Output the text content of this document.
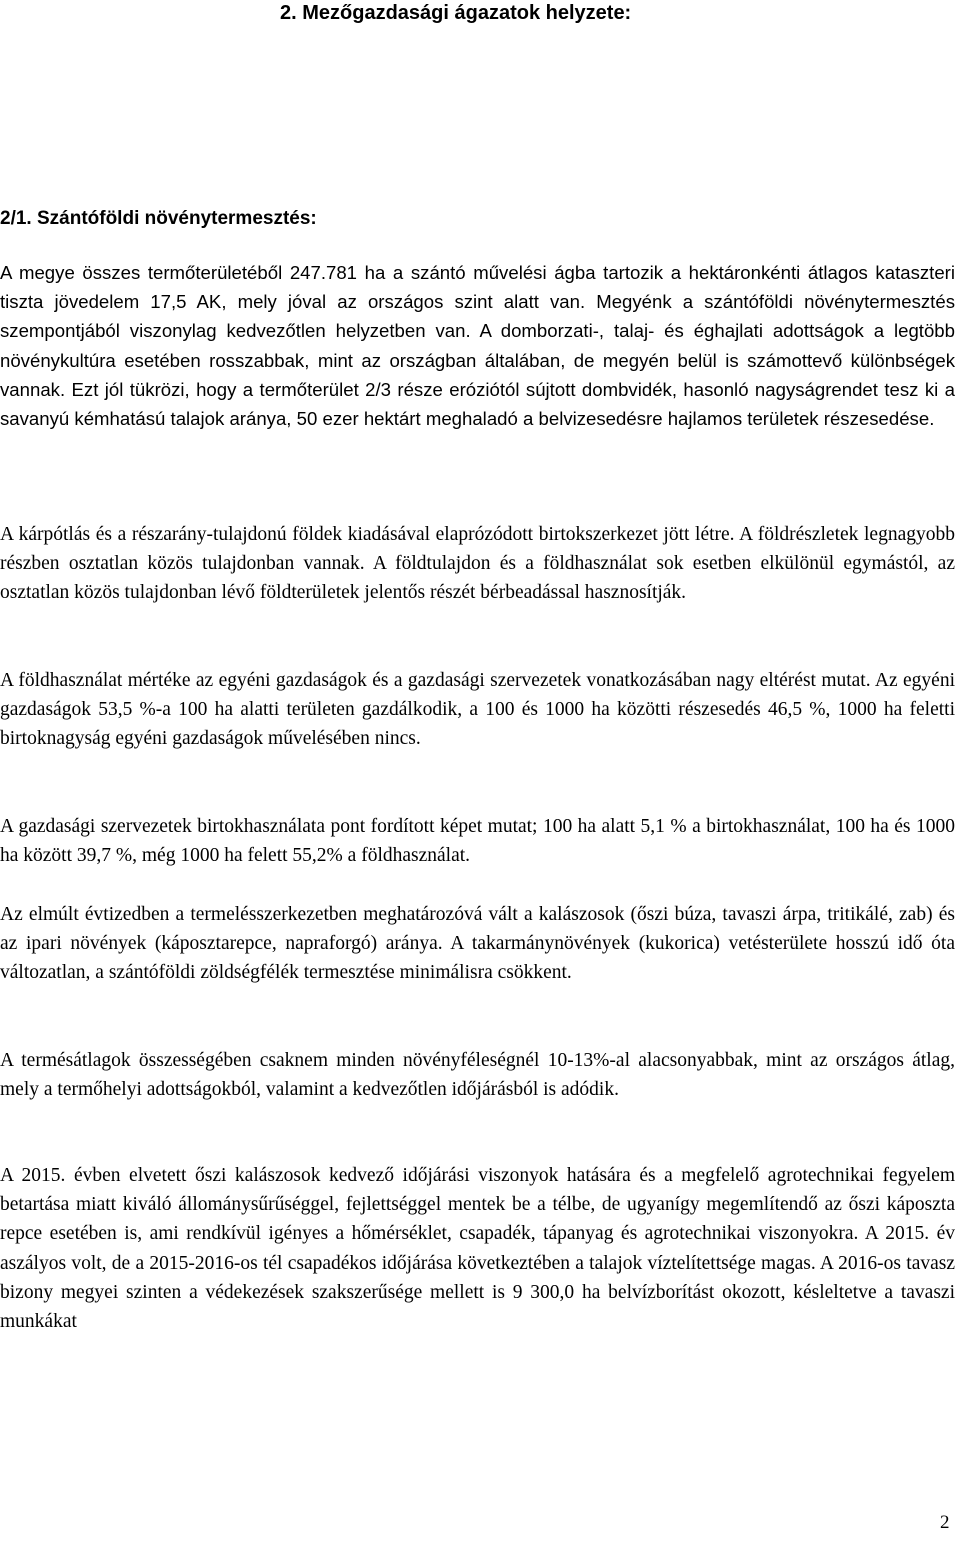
2. Mezőgazdasági ágazatok helyzete:
2/1. Szántóföldi növénytermesztés:

A megye összes termőterületéből 247.781 ha a szántó művelési ágba tartozik a hektáronkénti átlagos kataszteri tiszta jövedelem 17,5 AK, mely jóval az országos szint alatt van. Megyénk a szántóföldi növénytermesztés szempontjából viszonylag kedvezőtlen helyzetben van. A domborzati-, talaj- és éghajlati adottságok a legtöbb növénykultúra esetében rosszabbak, mint az országban általában, de megyén belül is számottevő különbségek vannak. Ezt jól tükrözi, hogy a termőterület 2/3 része eróziótól sújtott dombvidék, hasonló nagyságrendet tesz ki a savanyú kémhatású talajok aránya, 50 ezer hektárt meghaladó a belvizesedésre hajlamos területek részesedése.

A kárpótlás és a részarány-tulajdonú földek kiadásával elaprózódott birtokszerkezet jött létre. A földrészletek legnagyobb részben osztatlan közös tulajdonban vannak. A földtulajdon és a földhasználat sok esetben elkülönül egymástól, az osztatlan közös tulajdonban lévő földterületek jelentős részét bérbeadással hasznosítják.

A földhasználat mértéke az egyéni gazdaságok és a gazdasági szervezetek vonatkozásában nagy eltérést mutat. Az egyéni gazdaságok 53,5 %-a 100 ha alatti területen gazdálkodik, a 100 és 1000 ha közötti részesedés 46,5 %, 1000 ha feletti birtoknagyság egyéni gazdaságok művelésében nincs.

A gazdasági szervezetek birtokhasználata pont fordított képet mutat; 100 ha alatt 5,1 % a birtokhasználat, 100 ha és 1000 ha között 39,7 %, még 1000 ha felett 55,2% a földhasználat.

Az elmúlt évtizedben a termelésszerkezetben meghatározóvá vált a kalászosok (őszi búza, tavaszi árpa, tritikálé, zab) és az ipari növények (káposztarepce, napraforgó) aránya. A takarmánynövények (kukorica) vetésterülete hosszú idő óta változatlan, a szántóföldi zöldségfélék termesztése minimálisra csökkent.

A termésátlagok összességében csaknem minden növényféleségnél 10-13%-al alacsonyabbak, mint az országos átlag, mely a termőhelyi adottságokból, valamint a kedvezőtlen időjárásból is adódik.

A 2015. évben elvetett őszi kalászosok kedvező időjárási viszonyok hatására és a megfelelő agrotechnikai fegyelem betartása miatt kiváló állománysűrűséggel, fejlettséggel mentek be a télbe, de ugyanígy megemlítendő az őszi káposzta repce esetében is, ami rendkívül igényes a hőmérséklet, csapadék, tápanyag és agrotechnikai viszonyokra. A 2015. év aszályos volt, de a 2015-2016-os tél csapadékos időjárása következtében a talajok víztelítettsége magas. A 2016-os tavasz bizony megyei szinten a védekezések szakszerűsége mellett is 9 300,0 ha belvízborítást okozott, késleltetve a tavaszi munkákat

2
